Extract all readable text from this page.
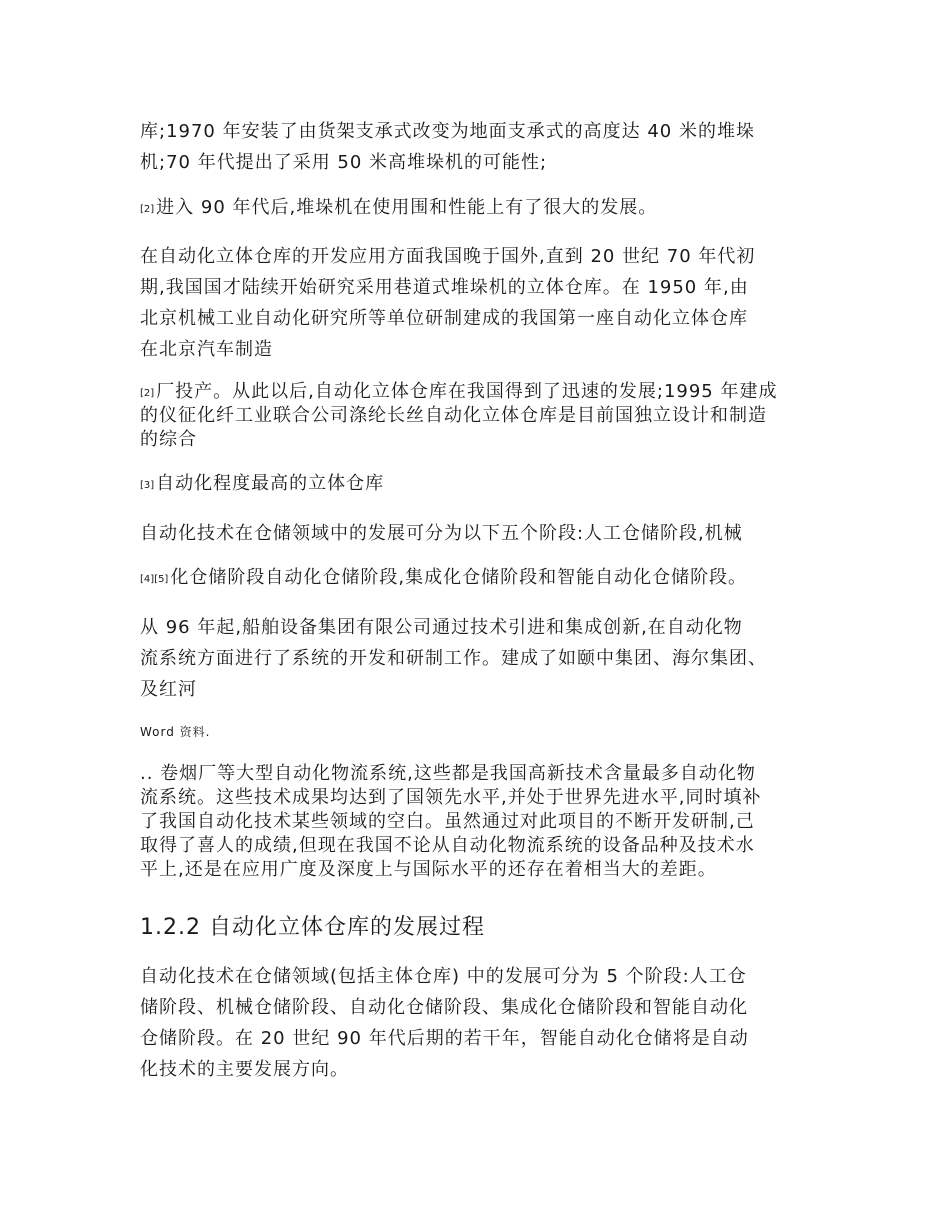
库;1970 年安装了由货架支承式改变为地面支承式的高度达 40 米的堆垛
机;70 年代提出了采用 50 米高堆垛机的可能性;

[2] 进入 90 年代后,堆垛机在使用围和性能上有了很大的发展。

在自动化立体仓库的开发应用方面我国晚于国外,直到 20 世纪 70 年代初
期,我国国才陆续开始研究采用巷道式堆垛机的立体仓库。在 1950 年,由
北京机械工业自动化研究所等单位研制建成的我国第一座自动化立体仓库
在北京汽车制造

[2] 厂投产。从此以后,自动化立体仓库在我国得到了迅速的发展;1995 年建成
的仪征化纤工业联合公司涤纶长丝自动化立体仓库是目前国独立设计和制造
的综合

[3] 自动化程度最高的立体仓库

自动化技术在仓储领域中的发展可分为以下五个阶段:人工仓储阶段,机械

[4][5] 化仓储阶段自动化仓储阶段,集成化仓储阶段和智能自动化仓储阶段。

从 96 年起,船舶设备集团有限公司通过技术引进和集成创新,在自动化物
流系统方面进行了系统的开发和研制工作。建成了如颐中集团、海尔集团、
及红河

Word 资料.

.. 卷烟厂等大型自动化物流系统,这些都是我国高新技术含量最多自动化物
流系统。这些技术成果均达到了国领先水平,并处于世界先进水平,同时填补
了我国自动化技术某些领域的空白。虽然通过对此项目的不断开发研制,己
取得了喜人的成绩,但现在我国不论从自动化物流系统的设备品种及技术水
平上,还是在应用广度及深度上与国际水平的还存在着相当大的差距。

1.2.2 自动化立体仓库的发展过程

自动化技术在仓储领域(包括主体仓库) 中的发展可分为 5 个阶段:人工仓
储阶段、机械仓储阶段、自动化仓储阶段、集成化仓储阶段和智能自动化
仓储阶段。在 20 世纪 90 年代后期的若干年，智能自动化仓储将是自动
化技术的主要发展方向。
